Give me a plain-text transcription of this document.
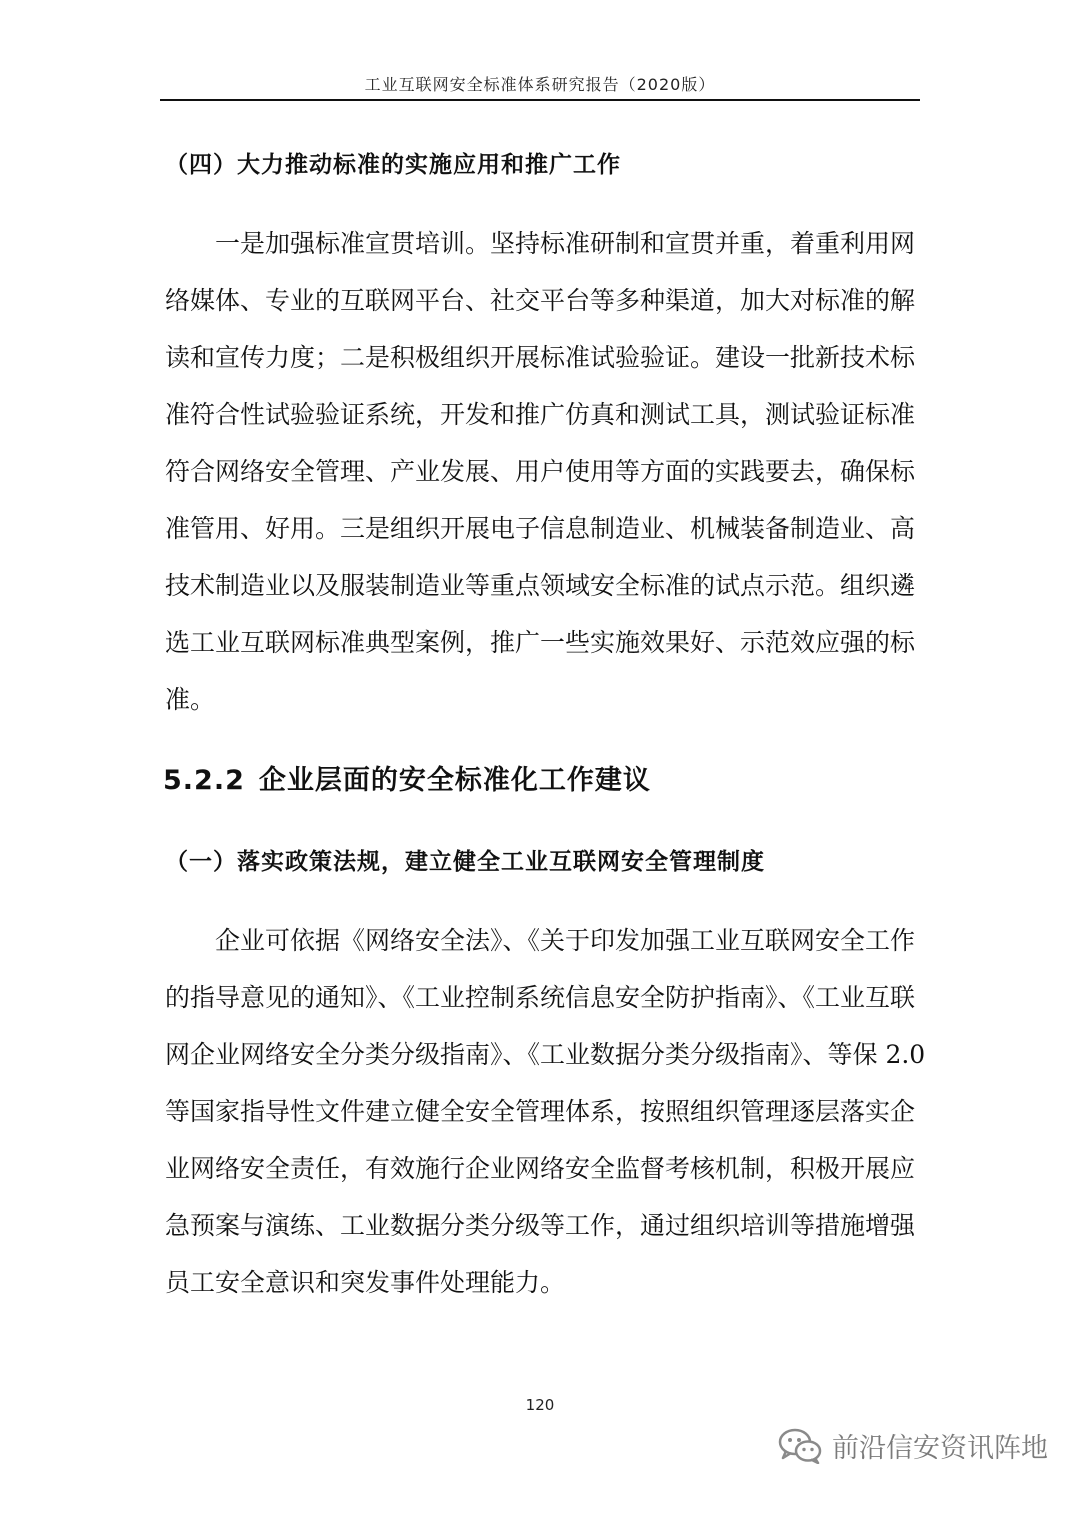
工业互联网安全标准体系研究报告（2020版）
（四）大力推动标准的实施应用和推广工作
一是加强标准宣贯培训。坚持标准研制和宣贯并重，着重利用网
络媒体、专业的互联网平台、社交平台等多种渠道，加大对标准的解
读和宣传力度；二是积极组织开展标准试验验证。建设一批新技术标
准符合性试验验证系统，开发和推广仿真和测试工具，测试验证标准
符合网络安全管理、产业发展、用户使用等方面的实践要去，确保标
准管用、好用。三是组织开展电子信息制造业、机械装备制造业、高
技术制造业以及服装制造业等重点领域安全标准的试点示范。组织遴
选工业互联网标准典型案例，推广一些实施效果好、示范效应强的标
准。
5.2.2 企业层面的安全标准化工作建议
（一）落实政策法规，建立健全工业互联网安全管理制度
企业可依据《网络安全法》、《关于印发加强工业互联网安全工作
的指导意见的通知》、《工业控制系统信息安全防护指南》、《工业互联
网企业网络安全分类分级指南》、《工业数据分类分级指南》、等保 2.0
等国家指导性文件建立健全安全管理体系，按照组织管理逐层落实企
业网络安全责任，有效施行企业网络安全监督考核机制，积极开展应
急预案与演练、工业数据分类分级等工作，通过组织培训等措施增强
员工安全意识和突发事件处理能力。
120
前沿信安资讯阵地
